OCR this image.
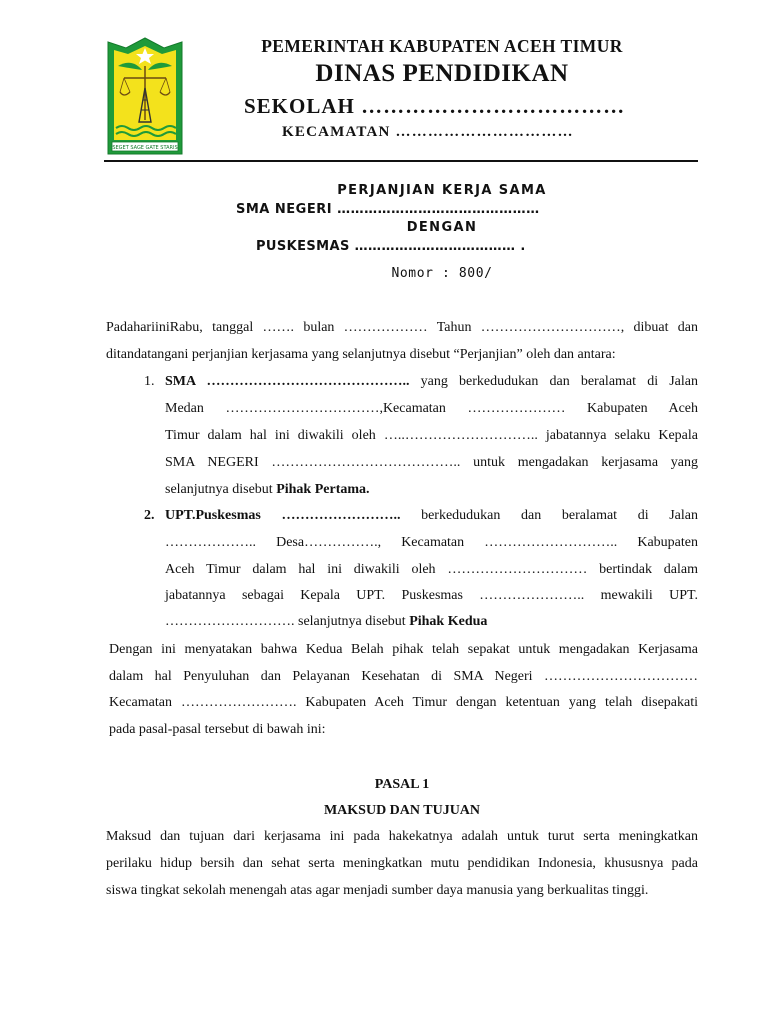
SEGET SAGE GATE STARIS
PEMERINTAH KABUPATEN ACEH TIMUR
DINAS PENDIDIKAN
SEKOLAH ………………………………
KECAMATAN ……………………………
PERJANJIAN KERJA SAMA
SMA NEGERI ………………………………………
DENGAN
PUSKESMAS ……………………………… .
Nomor : 800/
PadahariiniRabu, tanggal ……. bulan ……………… Tahun …………………………, dibuat dan
ditandatangani perjanjian kerjasama yang selanjutnya disebut “Perjanjian” oleh dan antara:
1. SMA …………………………………….. yang berkedudukan dan beralamat di Jalan
Medan ……………………………,Kecamatan ………………… Kabupaten Aceh
Timur dalam hal ini diwakili oleh …..……………………….. jabatannya selaku Kepala
SMA NEGERI ………………………………….. untuk mengadakan kerjasama yang
selanjutnya disebut Pihak Pertama.
2. UPT.Puskesmas …………………….. berkedudukan dan beralamat di Jalan
……………….. Desa……………., Kecamatan ……………………….. Kabupaten
Aceh Timur dalam hal ini diwakili oleh ………………………… bertindak dalam
jabatannya sebagai Kepala UPT. Puskesmas ………………….. mewakili UPT.
………………………. selanjutnya disebut Pihak Kedua
Dengan ini menyatakan bahwa Kedua Belah pihak telah sepakat untuk mengadakan Kerjasama
dalam hal Penyuluhan dan Pelayanan Kesehatan di SMA Negeri ……………………………
Kecamatan ……………………. Kabupaten Aceh Timur dengan ketentuan yang telah disepakati
pada pasal-pasal tersebut di bawah ini:
PASAL 1
MAKSUD DAN TUJUAN
Maksud dan tujuan dari kerjasama ini pada hakekatnya adalah untuk turut serta meningkatkan
perilaku hidup bersih dan sehat serta meningkatkan mutu pendidikan Indonesia, khususnya pada
siswa tingkat sekolah menengah atas agar menjadi sumber daya manusia yang berkualitas tinggi.
